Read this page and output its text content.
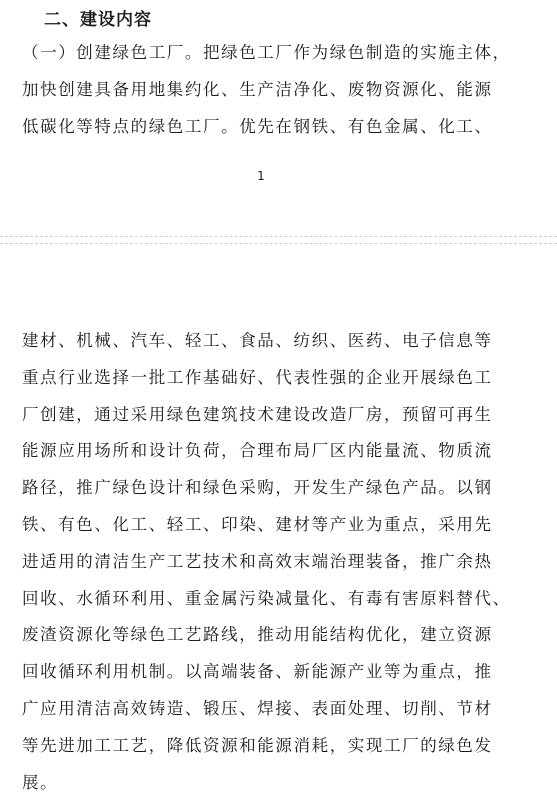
二、建设内容

（一）创建绿色工厂。把绿色工厂作为绿色制造的实施主体，
加快创建具备用地集约化、生产洁净化、废物资源化、能源
低碳化等特点的绿色工厂。优先在钢铁、有色金属、化工、

1

建材、机械、汽车、轻工、食品、纺织、医药、电子信息等
重点行业选择一批工作基础好、代表性强的企业开展绿色工
厂创建，通过采用绿色建筑技术建设改造厂房，预留可再生
能源应用场所和设计负荷，合理布局厂区内能量流、物质流
路径，推广绿色设计和绿色采购，开发生产绿色产品。以钢
铁、有色、化工、轻工、印染、建材等产业为重点，采用先
进适用的清洁生产工艺技术和高效末端治理装备，推广余热
回收、水循环利用、重金属污染减量化、有毒有害原料替代、
废渣资源化等绿色工艺路线，推动用能结构优化，建立资源
回收循环利用机制。以高端装备、新能源产业等为重点，推
广应用清洁高效铸造、锻压、焊接、表面处理、切削、节材
等先进加工工艺，降低资源和能源消耗，实现工厂的绿色发
展。
